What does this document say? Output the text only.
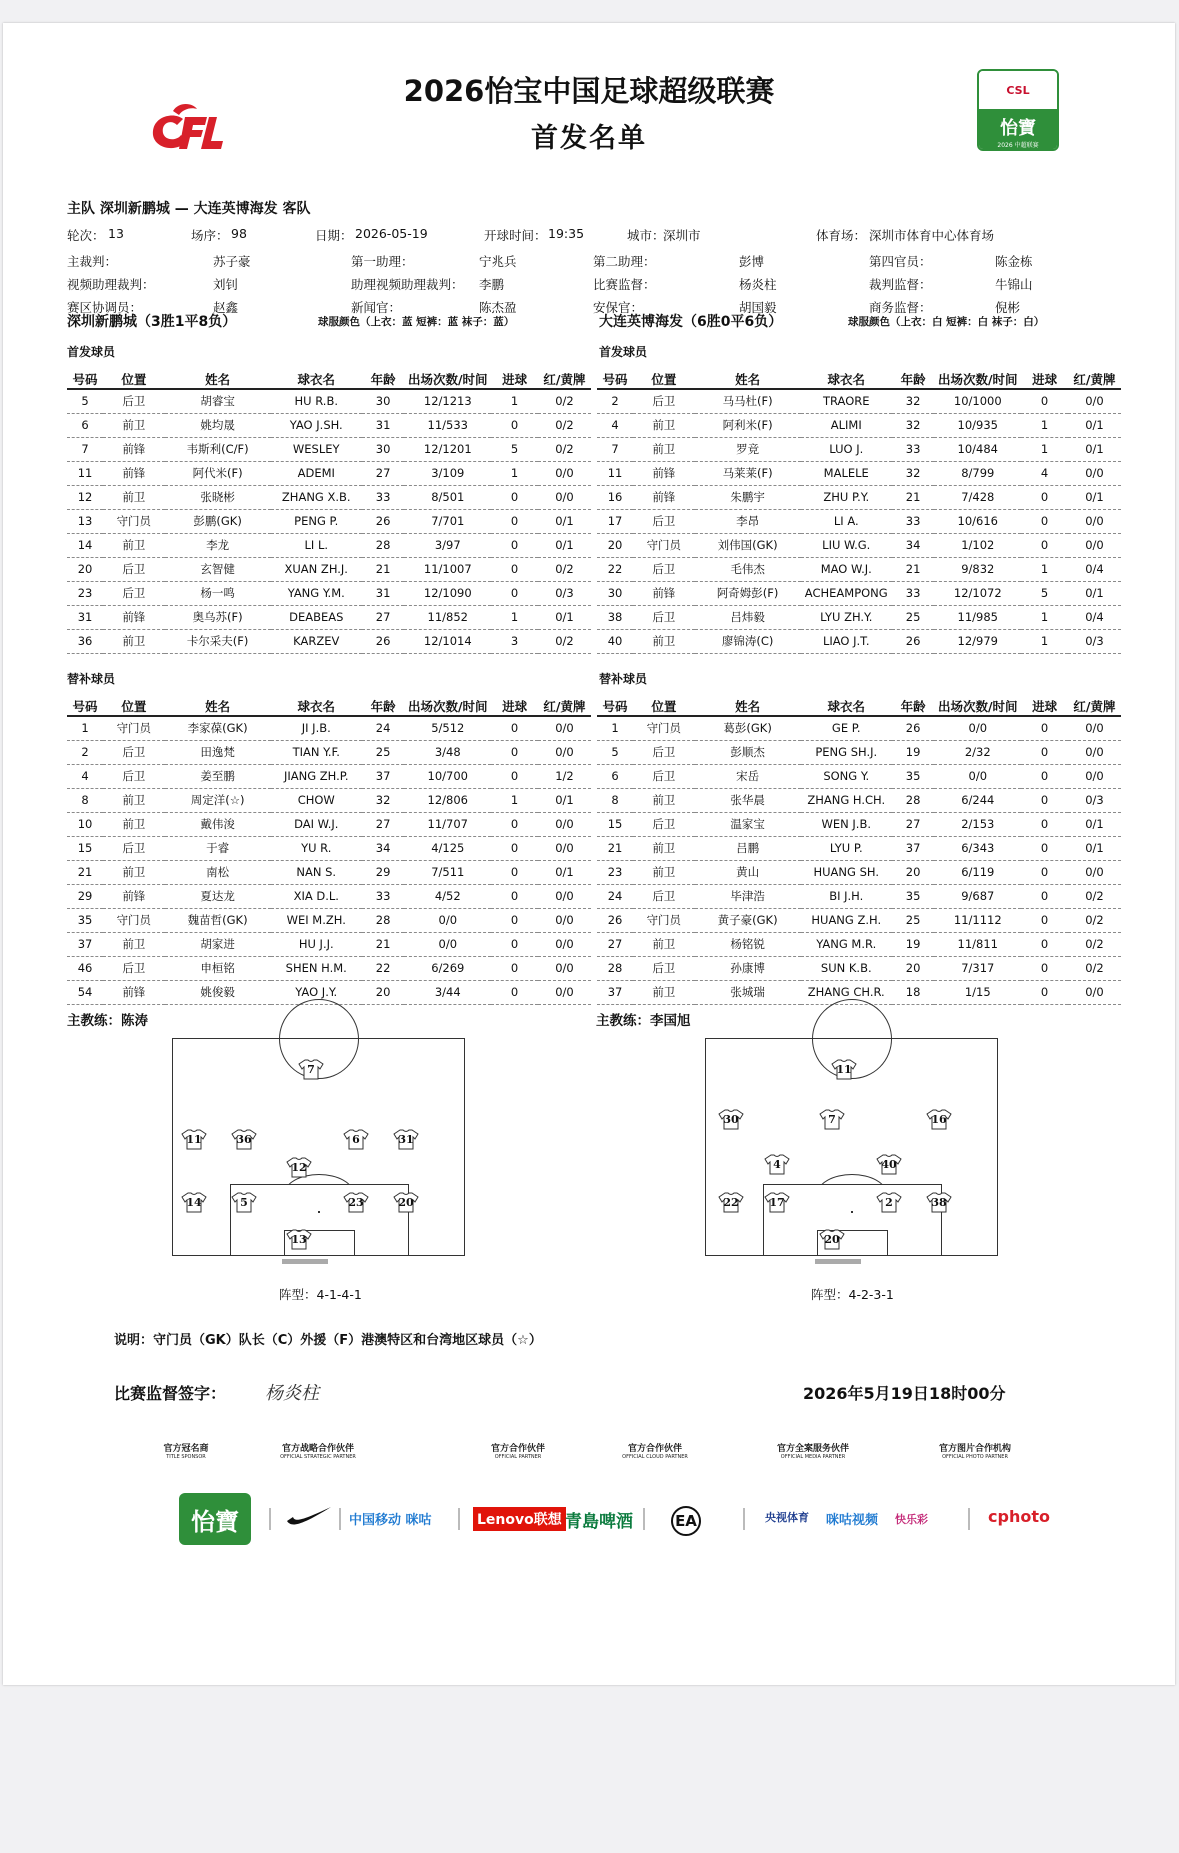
CSL
怡寶
2026 中超联赛
2026怡宝中国足球超级联赛
首发名单
主队 深圳新鹏城 — 大连英博海发 客队
轮次： 13	场序： 98	日期： 2026-05-19	开球时间： 19:35	城市：
深圳市	体育场： 深圳市体育中心体育场
主裁判：	苏子豪	第一助理：	宁兆兵	第二助理：	彭博	第四官员：	陈金栋
视频助理裁判：	刘钊	助理视频助理裁判： 李鹏	比赛监督：	杨炎柱	裁判监督：	牛锦山
赛区协调员：	赵鑫	新闻官：	陈杰盈	安保官：	胡国毅	商务监督：	倪彬
深圳新鹏城（3胜1平8负）	球服颜色（上衣：蓝 短裤：蓝 袜子：蓝）	大连英博海发（6胜0平6负）	球服颜色（上衣：白 短裤：白 袜子：白）
首发球员	首发球员
替补球员	替补球员
号码	位置	姓名	球衣名	年龄	出场次数/时间	进球	红/黄牌
5	后卫	胡睿宝	HU R.B.	30	12/1213	1	0/2
6	前卫	姚均晟	YAO J.SH.	31	11/533	0	0/2
7	前锋	韦斯利(C/F)	WESLEY	30	12/1201	5	0/2
11	前锋	阿代米(F)	ADEMI	27	3/109	1	0/0
12	前卫	张晓彬	ZHANG X.B.	33	8/501	0	0/0
13	守门员	彭鹏(GK)	PENG P.	26	7/701	0	0/1
14	前卫	李龙	LI L.	28	3/97	0	0/1
20	后卫	玄智健	XUAN ZH.J.	21	11/1007	0	0/2
23	后卫	杨一鸣	YANG Y.M.	31	12/1090	0	0/3
31	前锋	奥乌苏(F)	DEABEAS	27	11/852	1	0/1
36	前卫	卡尔采夫(F)	KARZEV	26	12/1014	3	0/2
号码	位置	姓名	球衣名	年龄	出场次数/时间	进球	红/黄牌
2	后卫	马马杜(F)	TRAORE	32	10/1000	0	0/0
4	前卫	阿利米(F)	ALIMI	32	10/935	1	0/1
7	前卫	罗竞	LUO J.	33	10/484	1	0/1
11	前锋	马莱莱(F)	MALELE	32	8/799	4	0/0
16	前锋	朱鹏宇	ZHU P.Y.	21	7/428	0	0/1
17	后卫	李昂	LI A.	33	10/616	0	0/0
20	守门员	刘伟国(GK)	LIU W.G.	34	1/102	0	0/0
22	后卫	毛伟杰	MAO W.J.	21	9/832	1	0/4
30	前锋	阿奇姆彭(F)	ACHEAMPONG	33	12/1072	5	0/1
38	后卫	吕炜毅	LYU ZH.Y.	25	11/985	1	0/4
40	前卫	廖锦涛(C)	LIAO J.T.	26	12/979	1	0/3
号码	位置	姓名	球衣名	年龄	出场次数/时间	进球	红/黄牌
1	守门员	李家葆(GK)	JI J.B.	24	5/512	0	0/0
2	后卫	田逸梵	TIAN Y.F.	25	3/48	0	0/0
4	后卫	姜至鹏	JIANG ZH.P.	37	10/700	0	1/2
8	前卫	周定洋(☆)	CHOW	32	12/806	1	0/1
10	前卫	戴伟浚	DAI W.J.	27	11/707	0	0/0
15	后卫	于睿	YU R.	34	4/125	0	0/0
21	前卫	南松	NAN S.	29	7/511	0	0/1
29	前锋	夏达龙	XIA D.L.	33	4/52	0	0/0
35	守门员	魏苗哲(GK)	WEI M.ZH.	28	0/0	0	0/0
37	前卫	胡家进	HU J.J.	21	0/0	0	0/0
46	后卫	申桓铭	SHEN H.M.	22	6/269	0	0/0
54	前锋	姚俊毅	YAO J.Y.	20	3/44	0	0/0
号码	位置	姓名	球衣名	年龄	出场次数/时间	进球	红/黄牌
1	守门员	葛彭(GK)	GE P.	26	0/0	0	0/0
5	后卫	彭顺杰	PENG SH.J.	19	2/32	0	0/0
6	后卫	宋岳	SONG Y.	35	0/0	0	0/0
8	前卫	张华晨	ZHANG H.CH.	28	6/244	0	0/3
15	后卫	温家宝	WEN J.B.	27	2/153	0	0/1
21	前卫	吕鹏	LYU P.	37	6/343	0	0/1
23	前卫	黄山	HUANG SH.	20	6/119	0	0/0
24	后卫	毕津浩	BI J.H.	35	9/687	0	0/2
26	守门员	黄子豪(GK)	HUANG Z.H.	25	11/1112	0	0/2
27	前卫	杨铭锐	YANG M.R.	19	11/811	0	0/2
28	后卫	孙康博	SUN K.B.	20	7/317	0	0/2
37	前卫	张城瑞	ZHANG CH.R.	18	1/15	0	0/0
主教练：陈涛	主教练：李国旭
7
11	36	6	31
12
14	5	23	20
13
11
30	7	16
4	40
22	17	2	38
20
阵型：4-1-4-1	阵型：4-2-3-1
说明：守门员（GK）队长（C）外援（F）港澳特区和台湾地区球员（☆）
比赛监督签字： 杨炎柱	2026年5月19日18时00分
官方冠名商
TITLE SPONSOR
官方战略合作伙伴
OFFICIAL STRATEGIC PARTNER
官方合作伙伴
OFFICIAL PARTNER
官方合作伙伴
OFFICIAL CLOUD PARTNER
官方全案服务伙伴
OFFICIAL MEDIA PARTNER
官方图片合作机构
OFFICIAL PHOTO PARTNER
怡寶	中国移动 咪咕	Lenovo联想 青島啤酒	EA	央视体育 咪咕视频 快乐彩	cphoto
